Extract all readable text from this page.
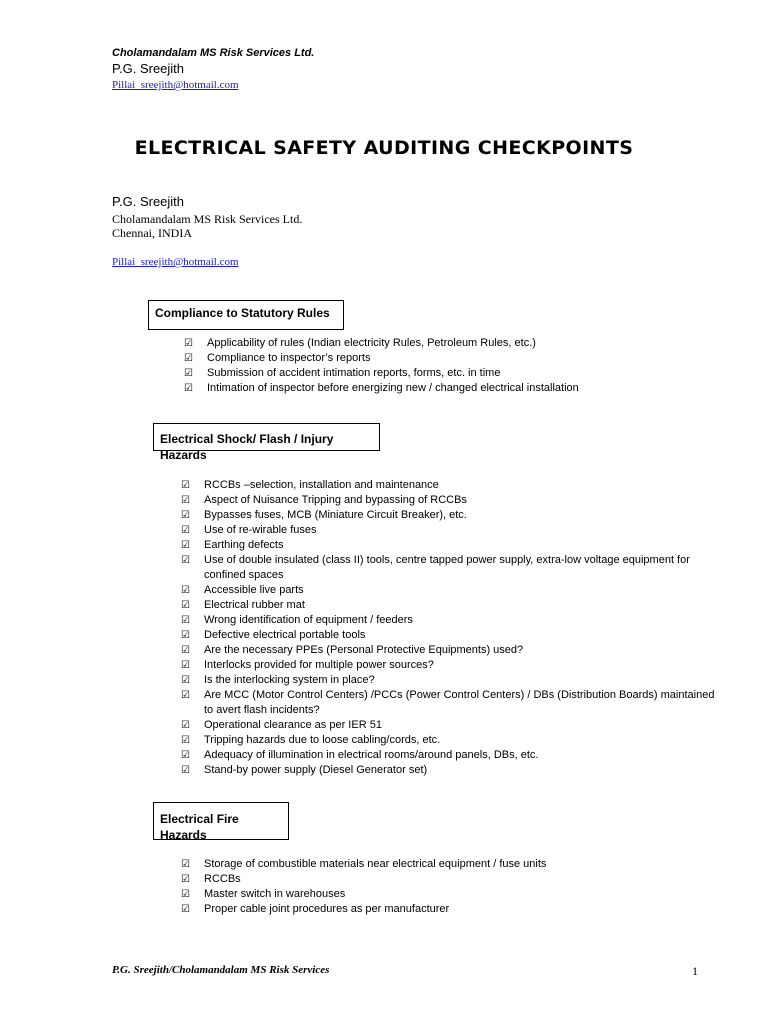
Cholamandalam MS Risk Services Ltd.
P.G. Sreejith
Pillai_sreejith@hotmail.com
ELECTRICAL SAFETY AUDITING CHECKPOINTS
P.G. Sreejith
Cholamandalam MS Risk Services Ltd.
Chennai, INDIA
Pillai_sreejith@hotmail.com
Compliance to Statutory Rules
☑ Applicability of rules (Indian electricity Rules, Petroleum Rules, etc.)
☑ Compliance to inspector’s reports
☑ Submission of accident intimation reports, forms, etc. in time
☑ Intimation of inspector before energizing new / changed electrical installation
Electrical Shock/ Flash / Injury Hazards
☑ RCCBs –selection, installation and maintenance
☑ Aspect of Nuisance Tripping and bypassing of RCCBs
☑ Bypasses fuses, MCB (Miniature Circuit Breaker), etc.
☑ Use of re-wirable fuses
☑ Earthing defects
☑ Use of double insulated (class II) tools, centre tapped power supply, extra-low voltage equipment for confined spaces
☑ Accessible live parts
☑ Electrical rubber mat
☑ Wrong identification of equipment / feeders
☑ Defective electrical portable tools
☑ Are the necessary PPEs (Personal Protective Equipments) used?
☑ Interlocks provided for multiple power sources?
☑ Is the interlocking system in place?
☑ Are MCC (Motor Control Centers) /PCCs (Power Control Centers) / DBs (Distribution Boards) maintained to avert flash incidents?
☑ Operational clearance as per IER 51
☑ Tripping hazards due to loose cabling/cords, etc.
☑ Adequacy of illumination in electrical rooms/around panels, DBs, etc.
☑ Stand-by power supply (Diesel Generator set)
Electrical Fire Hazards
☑ Storage of combustible materials near electrical equipment / fuse units
☑ RCCBs
☑ Master switch in warehouses
☑ Proper cable joint procedures as per manufacturer
P.G. Sreejith/Cholamandalam MS Risk Services	1
